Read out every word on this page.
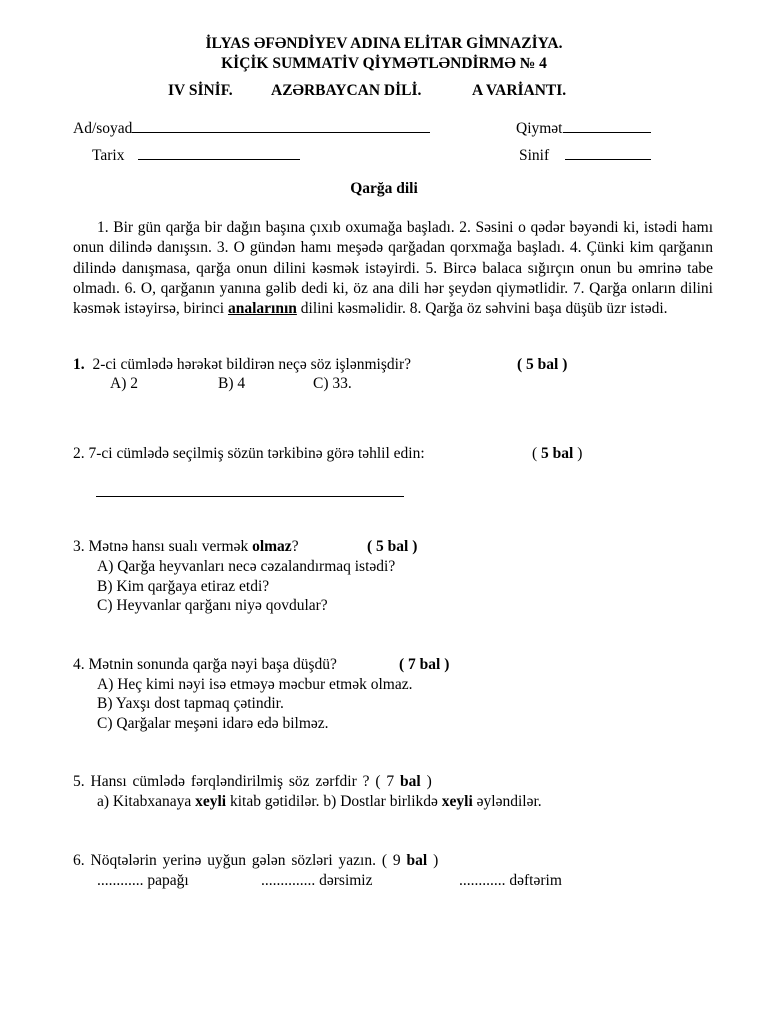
İLYAS ƏFƏNDİYEV ADINA ELİTAR GİMNAZİYA.
KİÇİK SUMMATİV QİYMƏTLƏNDİRMƏ № 4
IV SİNİF. AZƏRBAYCAN DİLİ.	A VARİANTI.
Ad/soyad	Qiymət
Tarix	Sinif
Qarğa dili

1. Bir gün qarğa bir dağın başına çıxıb oxumağa başladı. 2. Səsini o qədər bəyəndi ki, istədi hamı onun dilində danışsın. 3. O gündən hamı meşədə qarğadan qorxmağa başladı. 4. Çünki kim qarğanın dilində danışmasa, qarğa onun dilini kəsmək istəyirdi. 5. Bircə balaca sığırçın onun bu əmrinə tabe olmadı. 6. O, qarğanın yanına gəlib dedi ki, öz ana dili hər şeydən qiymətlidir. 7. Qarğa onların dilini kəsmək istəyirsə, birinci analarının dilini kəsməlidir. 8. Qarğa öz səhvini başa düşüb üzr istədi.

1. 2-ci cümlədə hərəkət bildirən neçə söz işlənmişdir?	( 5 bal )
A) 2	B) 4	C) 33.
2. 7-ci cümlədə seçilmiş sözün tərkibinə görə təhlil edin:	( 5 bal )
3. Mətnə hansı sualı vermək olmaz?	( 5 bal )
A) Qarğa heyvanları necə cəzalandırmaq istədi?
B) Kim qarğaya etiraz etdi?
C) Heyvanlar qarğanı niyə qovdular?
4. Mətnin sonunda qarğa nəyi başa düşdü?	( 7 bal )
A) Heç kimi nəyi isə etməyə məcbur etmək olmaz.
B) Yaxşı dost tapmaq çətindir.
C) Qarğalar meşəni idarə edə bilməz.
5. Hansı cümlədə fərqləndirilmiş söz zərfdir ? ( 7 bal )
a) Kitabxanaya xeyli kitab gətidilər. b) Dostlar birlikdə xeyli əyləndilər.
6. Nöqtələrin yerinə uyğun gələn sözləri yazın. ( 9 bal )
............ papağı	.............. dərsimiz	............ dəftərim
